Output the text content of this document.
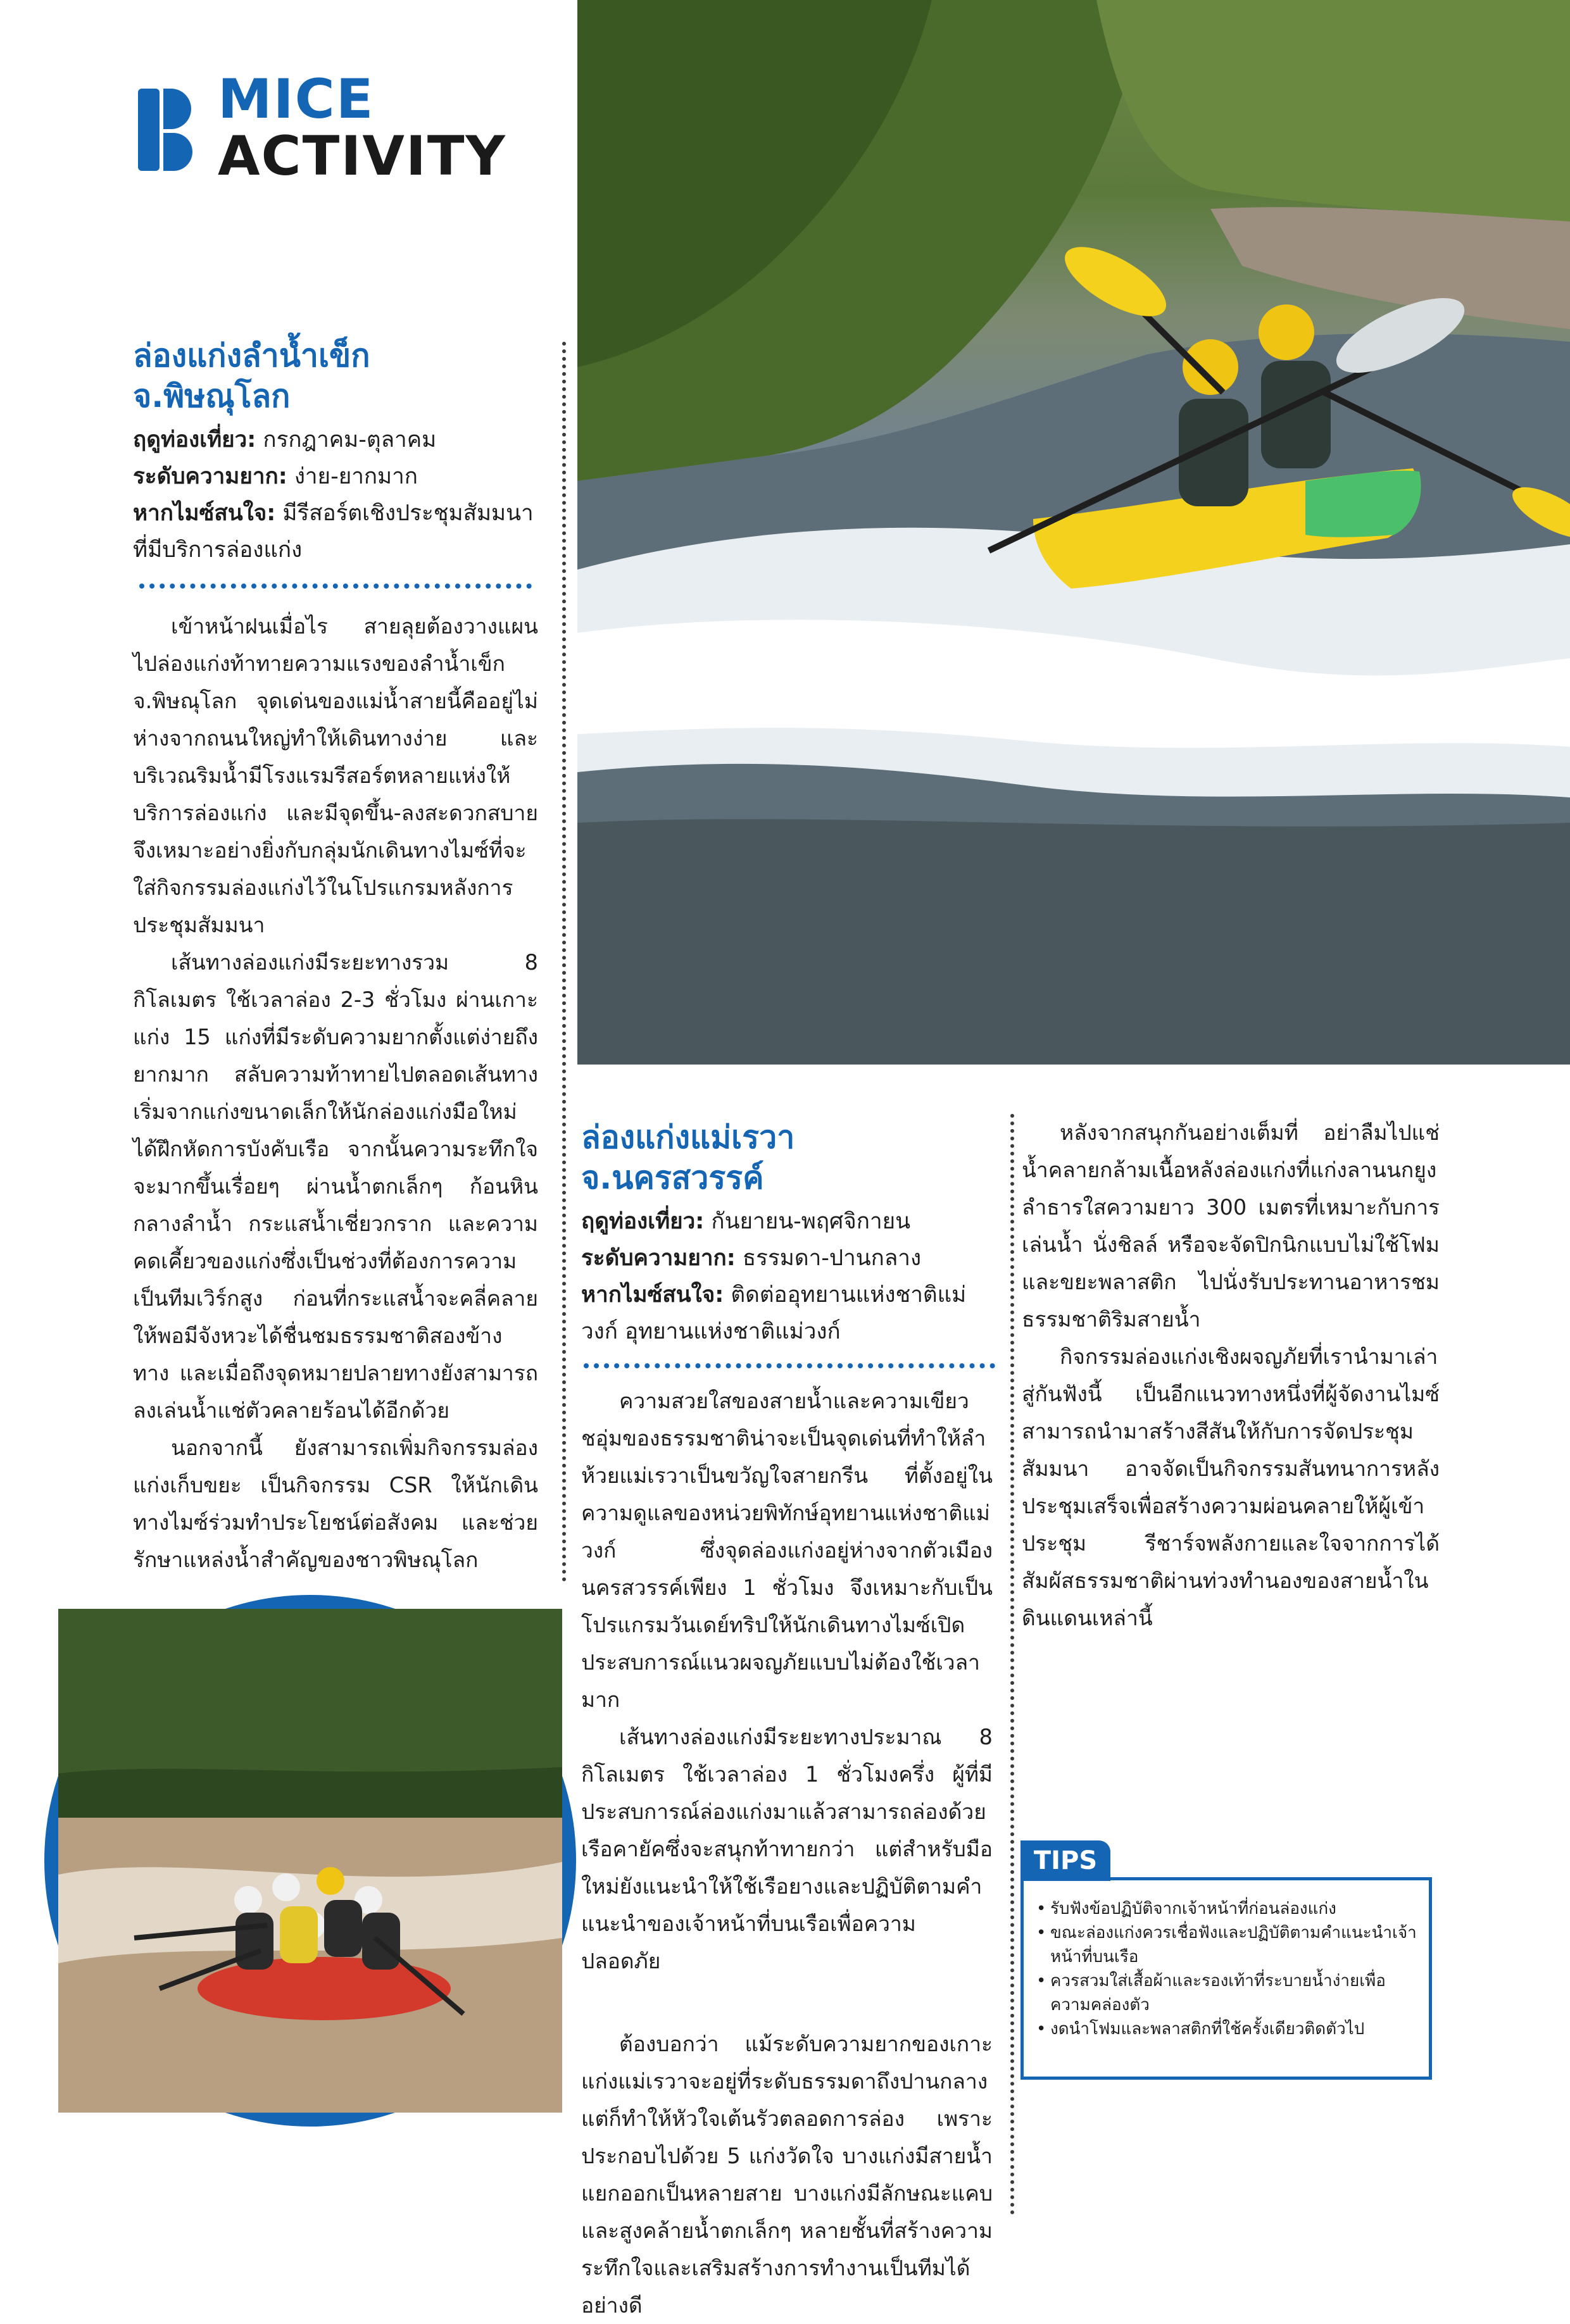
MICE
ACTIVITY
ล่องแก่งลำน้ำเข็ก
จ.พิษณุโลก

ฤดูท่องเที่ยว: กรกฎาคม-ตุลาคม

ระดับความยาก: ง่าย-ยากมาก

หากไมซ์สนใจ: มีรีสอร์ตเชิงประชุมสัมมนาที่มีบริการล่องแก่ง

เข้าหน้าฝนเมื่อไร สายลุยต้องวางแผนไปล่องแก่งท้าทายความแรงของลำน้ำเข็ก จ.พิษณุโลก จุดเด่นของแม่น้ำสายนี้คืออยู่ไม่ห่างจากถนนใหญ่ทำให้เดินทางง่าย และบริเวณริมน้ำมีโรงแรมรีสอร์ตหลายแห่งให้บริการล่องแก่ง และมีจุดขึ้น-ลงสะดวกสบาย จึงเหมาะอย่างยิ่งกับกลุ่มนักเดินทางไมซ์ที่จะใส่กิจกรรมล่องแก่งไว้ในโปรแกรมหลังการประชุมสัมมนา

เส้นทางล่องแก่งมีระยะทางรวม 8 กิโลเมตร ใช้เวลาล่อง 2-3 ชั่วโมง ผ่านเกาะแก่ง 15 แก่งที่มีระดับความยากตั้งแต่ง่ายถึงยากมาก สลับความท้าทายไปตลอดเส้นทาง เริ่มจากแก่งขนาดเล็กให้นักล่องแก่งมือใหม่ได้ฝึกหัดการบังคับเรือ จากนั้นความระทึกใจจะมากขึ้นเรื่อยๆ ผ่านน้ำตกเล็กๆ ก้อนหินกลางลำน้ำ กระแสน้ำเชี่ยวกราก และความคดเคี้ยวของแก่งซึ่งเป็นช่วงที่ต้องการความเป็นทีมเวิร์กสูง ก่อนที่กระแสน้ำจะคลี่คลายให้พอมีจังหวะได้ชื่นชมธรรมชาติสองข้างทาง และเมื่อถึงจุดหมายปลายทางยังสามารถลงเล่นน้ำแช่ตัวคลายร้อนได้อีกด้วย

นอกจากนี้ ยังสามารถเพิ่มกิจกรรมล่องแก่งเก็บขยะ เป็นกิจกรรม CSR ให้นักเดินทางไมซ์ร่วมทำประโยชน์ต่อสังคม และช่วยรักษาแหล่งน้ำสำคัญของชาวพิษณุโลก

ล่องแก่งแม่เรวา
จ.นครสวรรค์

ฤดูท่องเที่ยว: กันยายน-พฤศจิกายน

ระดับความยาก: ธรรมดา-ปานกลาง

หากไมซ์สนใจ: ติดต่ออุทยานแห่งชาติแม่วงก์ อุทยานแห่งชาติแม่วงก์

ความสวยใสของสายน้ำและความเขียวชอุ่มของธรรมชาติน่าจะเป็นจุดเด่นที่ทำให้ลำห้วยแม่เรวาเป็นขวัญใจสายกรีน ที่ตั้งอยู่ในความดูแลของหน่วยพิทักษ์อุทยานแห่งชาติแม่วงก์ ซึ่งจุดล่องแก่งอยู่ห่างจากตัวเมืองนครสวรรค์เพียง 1 ชั่วโมง จึงเหมาะกับเป็นโปรแกรมวันเดย์ทริปให้นักเดินทางไมซ์เปิดประสบการณ์แนวผจญภัยแบบไม่ต้องใช้เวลามาก

เส้นทางล่องแก่งมีระยะทางประมาณ 8 กิโลเมตร ใช้เวลาล่อง 1 ชั่วโมงครึ่ง ผู้ที่มีประสบการณ์ล่องแก่งมาแล้วสามารถล่องด้วยเรือคายัคซึ่งจะสนุกท้าทายกว่า แต่สำหรับมือใหม่ยังแนะนำให้ใช้เรือยางและปฏิบัติตามคำแนะนำของเจ้าหน้าที่บนเรือเพื่อความปลอดภัย

ต้องบอกว่า แม้ระดับความยากของเกาะแก่งแม่เรวาจะอยู่ที่ระดับธรรมดาถึงปานกลาง แต่ก็ทำให้หัวใจเต้นรัวตลอดการล่อง เพราะประกอบไปด้วย 5 แก่งวัดใจ บางแก่งมีสายน้ำแยกออกเป็นหลายสาย บางแก่งมีลักษณะแคบและสูงคล้ายน้ำตกเล็กๆ หลายชั้นที่สร้างความระทึกใจและเสริมสร้างการทำงานเป็นทีมได้อย่างดี

หลังจากสนุกกันอย่างเต็มที่ อย่าลืมไปแช่น้ำคลายกล้ามเนื้อหลังล่องแก่งที่แก่งลานนกยูง ลำธารใสความยาว 300 เมตรที่เหมาะกับการเล่นน้ำ นั่งชิลล์ หรือจะจัดปิกนิกแบบไม่ใช้โฟมและขยะพลาสติก ไปนั่งรับประทานอาหารชมธรรมชาติริมสายน้ำ

กิจกรรมล่องแก่งเชิงผจญภัยที่เรานำมาเล่าสู่กันฟังนี้ เป็นอีกแนวทางหนึ่งที่ผู้จัดงานไมซ์สามารถนำมาสร้างสีสันให้กับการจัดประชุมสัมมนา อาจจัดเป็นกิจกรรมสันทนาการหลังประชุมเสร็จเพื่อสร้างความผ่อนคลายให้ผู้เข้าประชุม รีชาร์จพลังกายและใจจากการได้สัมผัสธรรมชาติผ่านท่วงทำนองของสายน้ำในดินแดนเหล่านี้

TIPS
• รับฟังข้อปฏิบัติจากเจ้าหน้าที่ก่อนล่องแก่ง
• ขณะล่องแก่งควรเชื่อฟังและปฏิบัติตามคำแนะนำเจ้าหน้าที่บนเรือ
• ควรสวมใส่เสื้อผ้าและรองเท้าที่ระบายน้ำง่ายเพื่อความคล่องตัว
• งดนำโฟมและพลาสติกที่ใช้ครั้งเดียวติดตัวไป
